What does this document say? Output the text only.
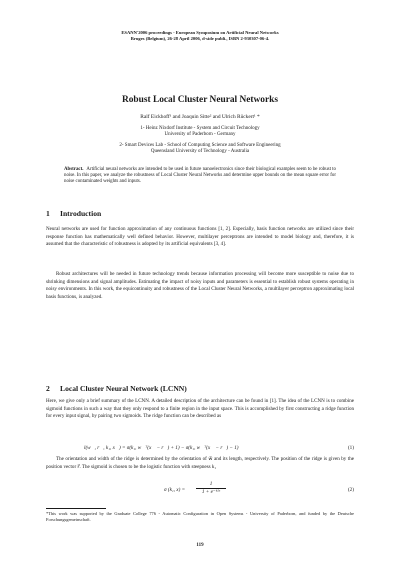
ESANN'2006 proceedings - European Symposium on Artificial Neural Networks
Bruges (Belgium), 26-28 April 2006, d-side publi., ISBN 2-930307-06-4.
Robust Local Cluster Neural Networks
Ralf Eickhoff¹ and Joaquin Sitte² and Ulrich Rückert¹ *
1- Heinz Nixdorf Institute - System and Circuit Technology
University of Paderborn - Germany
2- Smart Devices Lab - School of Computing Science and Software Engineering
Queensland University of Technology - Australia
Abstract. Artificial neural networks are intended to be used in future nanoelectronics since their biological examples seem to be robust to noise. In this paper, we analyze the robustness of Local Cluster Neural Networks and determine upper bounds on the mean square error for noise contaminated weights and inputs.
1 Introduction
Neural networks are used for function approximation of any continuous functions [1, 2]. Especially, basis function networks are utilized since their response function has mathematically well defined behavior. However, multilayer perceptrons are intended to model biology and, therefore, it is assumed that the characteristic of robustness is adopted by its artificial equivalents [3, 4].
Robust architectures will be needed in future technology trends because information processing will become more susceptible to noise due to shrinking dimensions and signal amplitudes. Estimating the impact of noisy inputs and parameters is essential to establish robust systems operating in noisy environments. In this work, the equicontinuity and robustness of the Local Cluster Neural Networks, a multilayer perceptron approximating local basis functions, is analyzed.
2 Local Cluster Neural Network (LCNN)
Here, we give only a brief summary of the LCNN. A detailed description of the architecture can be found in [1]. The idea of the LCNN is to combine sigmoid functions in such a way that they only respond to a finite region in the input space. This is accomplished by first constructing a ridge function for every input signal, by pairing two sigmoids. The ridge function can be described as
l(w⃗, r⃗, k₁, x⃗) = σ(k₁, w⃗ᵀ(x⃗ − r⃗) + 1) − σ(k₁, w⃗ᵀ(x⃗ − r⃗) − 1)	(1)
The orientation and width of the ridge is determined by the orientation of w⃗ and its length, respectively. The position of the ridge is given by the position vector r⃗. The sigmoid is chosen to be the logistic function with steepness k₁
σ (k₁, x) =
1
1 + e⁻ᵏ¹ˣ	(2)
*This work was supported by the Graduate College 776 - Automatic Configuration in Open Systems - University of Paderborn, and funded by the Deutsche Forschungsgemeinschaft.
119
